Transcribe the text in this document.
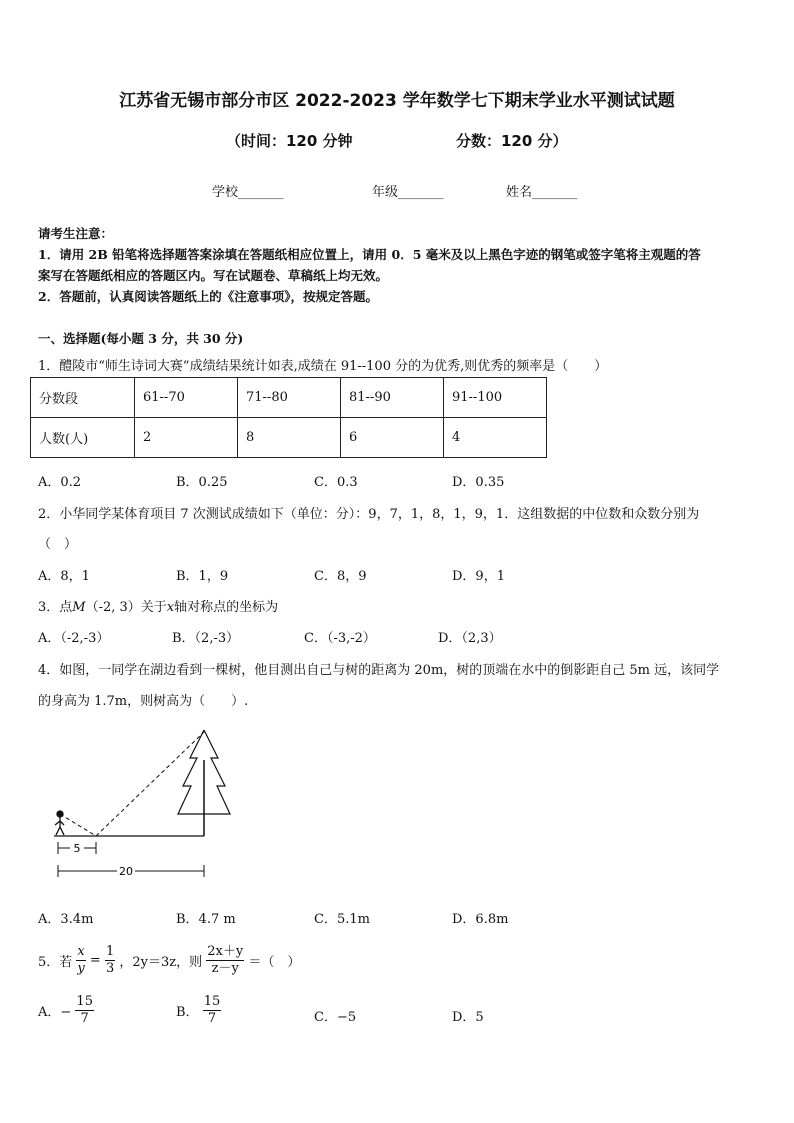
江苏省无锡市部分市区 2022-2023 学年数学七下期末学业水平测试试题
（时间：120 分钟	分数：120 分）
学校_______	年级_______	姓名_______
请考生注意：
1．请用 2B 铅笔将选择题答案涂填在答题纸相应位置上，请用 0．5 毫米及以上黑色字迹的钢笔或签字笔将主观题的答
案写在答题纸相应的答题区内。写在试题卷、草稿纸上均无效。
2．答题前，认真阅读答题纸上的《注意事项》，按规定答题。
一、选择题(每小题 3 分，共 30 分)
1．醴陵市“师生诗词大赛”成绩结果统计如表,成绩在 91--100 分的为优秀,则优秀的频率是（　　）
分数段	61--70	71--80	81--90	91--100
人数(人)	2	8	6	4
A．0.2	B．0.25	C．0.3	D．0.35
2．小华同学某体育项目 7 次测试成绩如下（单位：分）：9，7，1，8，1，9，1．这组数据的中位数和众数分别为
（　）
A．8，1	B．1，9	C．8，9	D．9，1
3．点M（-2, 3）关于x轴对称点的坐标为
A．（-2,-3）	B．（2,-3）	C．（-3,-2）	D．（2,3）
4．如图，一同学在湖边看到一棵树，他目测出自己与树的距离为 20m，树的顶端在水中的倒影距自己 5m 远，该同学
的身高为 1.7m，则树高为（　　）.
5
20
A．3.4m	B．4.7 m	C．5.1m	D．6.8m
5．若 $\frac{x}{y} = \frac{1}{3}$ ，2y＝3z，则 $\frac{2x+y}{z-y}$ ＝（　）
A．− $\frac{15}{7}$	B． $\frac{15}{7}$	C．−5	D．5
